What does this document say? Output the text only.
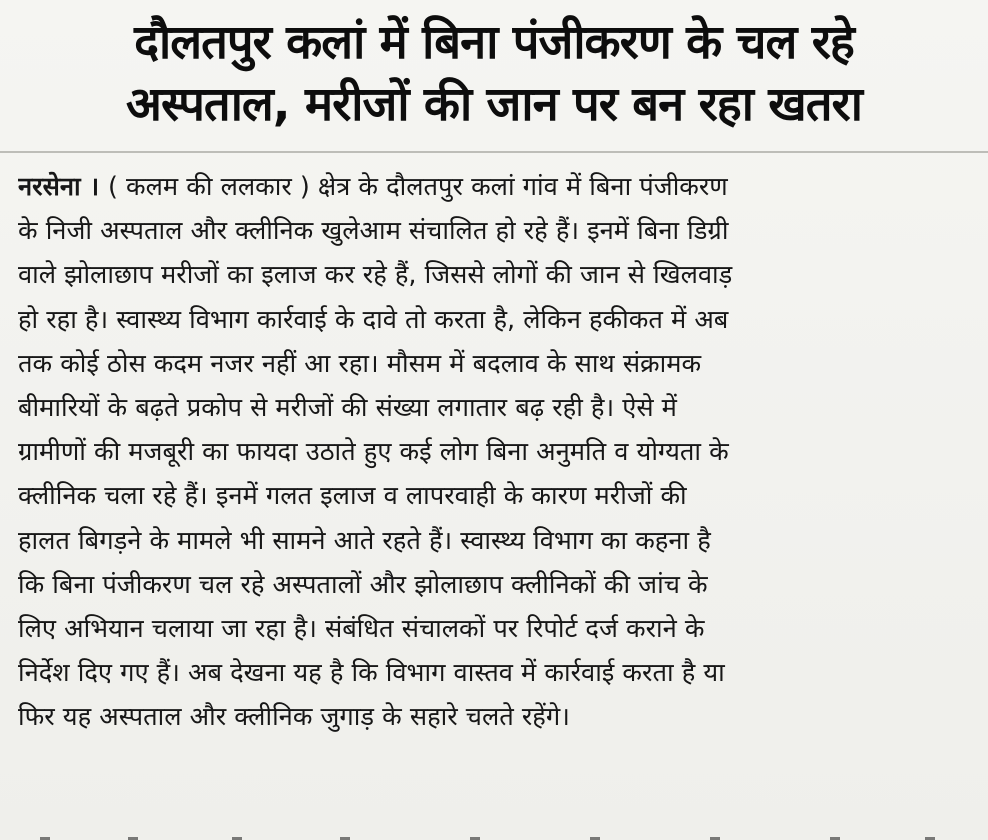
दौलतपुर कलां में बिना पंजीकरण के चल रहे
अस्पताल, मरीजों की जान पर बन रहा खतरा
नरसेना । ( कलम की ललकार ) क्षेत्र के दौलतपुर कलां गांव में बिना पंजीकरण
के निजी अस्पताल और क्लीनिक खुलेआम संचालित हो रहे हैं। इनमें बिना डिग्री
वाले झोलाछाप मरीजों का इलाज कर रहे हैं, जिससे लोगों की जान से खिलवाड़
हो रहा है। स्वास्थ्य विभाग कार्रवाई के दावे तो करता है, लेकिन हकीकत में अब
तक कोई ठोस कदम नजर नहीं आ रहा। मौसम में बदलाव के साथ संक्रामक
बीमारियों के बढ़ते प्रकोप से मरीजों की संख्या लगातार बढ़ रही है। ऐसे में
ग्रामीणों की मजबूरी का फायदा उठाते हुए कई लोग बिना अनुमति व योग्यता के
क्लीनिक चला रहे हैं। इनमें गलत इलाज व लापरवाही के कारण मरीजों की
हालत बिगड़ने के मामले भी सामने आते रहते हैं। स्वास्थ्य विभाग का कहना है
कि बिना पंजीकरण चल रहे अस्पतालों और झोलाछाप क्लीनिकों की जांच के
लिए अभियान चलाया जा रहा है। संबंधित संचालकों पर रिपोर्ट दर्ज कराने के
निर्देश दिए गए हैं। अब देखना यह है कि विभाग वास्तव में कार्रवाई करता है या
फिर यह अस्पताल और क्लीनिक जुगाड़ के सहारे चलते रहेंगे।
